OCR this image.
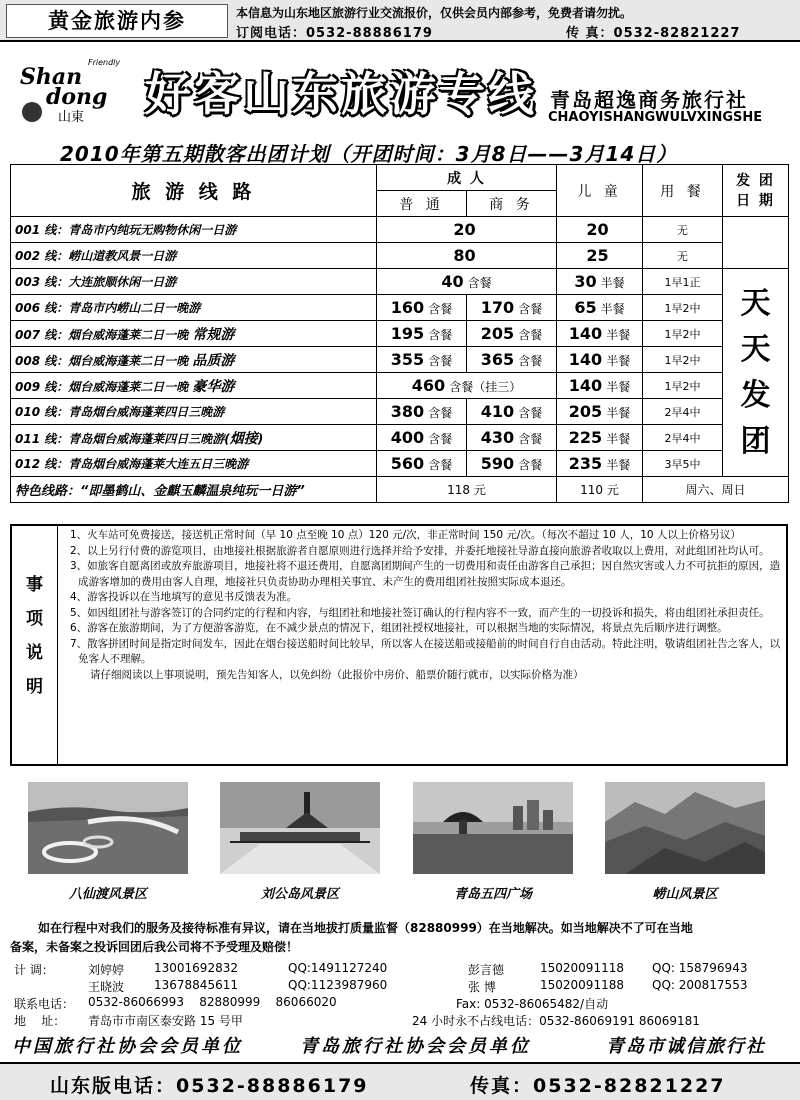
黄金旅游内参	本信息为山东地区旅游行业交流报价，仅供会员内部参考，免费者请勿扰。
订阅电话：0532-88886179	传 真：0532-82821227
Friendly
Shan
dong
山東 好客山东旅游专线 青岛超逸商务旅行社
CHAOYISHANGWULVXINGSHE
2010年第五期散客出团计划（开团时间：3月8日——3月14日）
旅 游 线 路	成 人		儿 童	用 餐	发 团 日 期
	普 通	商 务			
001 线：青岛市内纯玩无购物休闲一日游	20		20	无	
002 线：崂山道教风景一日游	80		25	无	
003 线：大连旅顺休闲一日游	40 含餐		30 半餐	1早1正	天天发团

006 线：青岛市内崂山二日一晚游	160 含餐	170 含餐	65 半餐	1早2中	
007 线：烟台威海蓬莱二日一晚 常规游	195 含餐	205 含餐	140 半餐	1早2中	
008 线：烟台威海蓬莱二日一晚 品质游	355 含餐	365 含餐	140 半餐	1早2中	
009 线：烟台威海蓬莱二日一晚 豪华游	460 含餐（挂三）		140 半餐	1早2中	
010 线：青岛烟台威海蓬莱四日三晚游	380 含餐	410 含餐	205 半餐	2早4中	
011 线：青岛烟台威海蓬莱四日三晚游(烟接)	400 含餐	430 含餐	225 半餐	2早4中	
012 线：青岛烟台威海蓬莱大连五日三晚游	560 含餐	590 含餐	235 半餐	3早5中	
特色线路：“即墨鹤山、金麒玉麟温泉纯玩一日游”	118 元		110 元	周六、周日	
事
项
说
明
1、火车站可免费接送，接送机正常时间（早 10 点至晚 10 点）120 元/次，非正常时间 150 元/次。（每次不超过 10 人，10 人以上价格另议）
2、以上另行付费的游览项目，由地接社根据旅游者自愿原则进行选择并给予安排，并委托地接社导游直接向旅游者收取以上费用，对此组团社均认可。
3、如旅客自愿离团或放弃旅游项目，地接社将不退还费用，自愿离团期间产生的一切费用和责任由游客自己承担；因自然灾害或人力不可抗拒的原因，造成游客增加的费用由客人自理，地接社只负责协助办理相关事宜、未产生的费用组团社按照实际成本退还。
4、游客投诉以在当地填写的意见书反馈表为准。
5、如因组团社与游客签订的合同约定的行程和内容，与组团社和地接社签订确认的行程内容不一致，而产生的一切投诉和损失，将由组团社承担责任。
6、游客在旅游期间，为了方便游客游览，在不减少景点的情况下，组团社授权地接社，可以根据当地的实际情况，将景点先后顺序进行调整。
7、散客拼团时间是指定时间发车，因此在烟台接送船时间比较早，所以客人在接送船或接船前的时间自行自由活动。特此注明，敬请组团社告之客人，以免客人不理解。
请仔细阅读以上事项说明，预先告知客人，以免纠纷（此报价中房价、船票价随行就市，以实际价格为准）
八仙渡风景区	刘公岛风景区	青岛五四广场	崂山风景区
如在行程中对我们的服务及接待标准有异议，请在当地拔打质量监督（82880999）在当地解决。如当地解决不了可在当地
备案，未备案之投诉回团后我公司将不予受理及赔偿！
计 调：	刘婷婷 13001692832	QQ:1491127240	彭言德	15020091118 QQ: 158796943
王晓波 13678845611	QQ:1123987960	张 博	15020091188 QQ: 200817553
联系电话： 0532-86066993    82880999    86066020	Fax: 0532-86065482/自动
地    址： 青岛市市南区泰安路 15 号甲	24 小时永不占线电话：0532-86069191 86069181
中国旅行社协会会员单位	青岛旅行社协会会员单位	青岛市诚信旅行社
山东版电话：0532-88886179	传真：0532-82821227
